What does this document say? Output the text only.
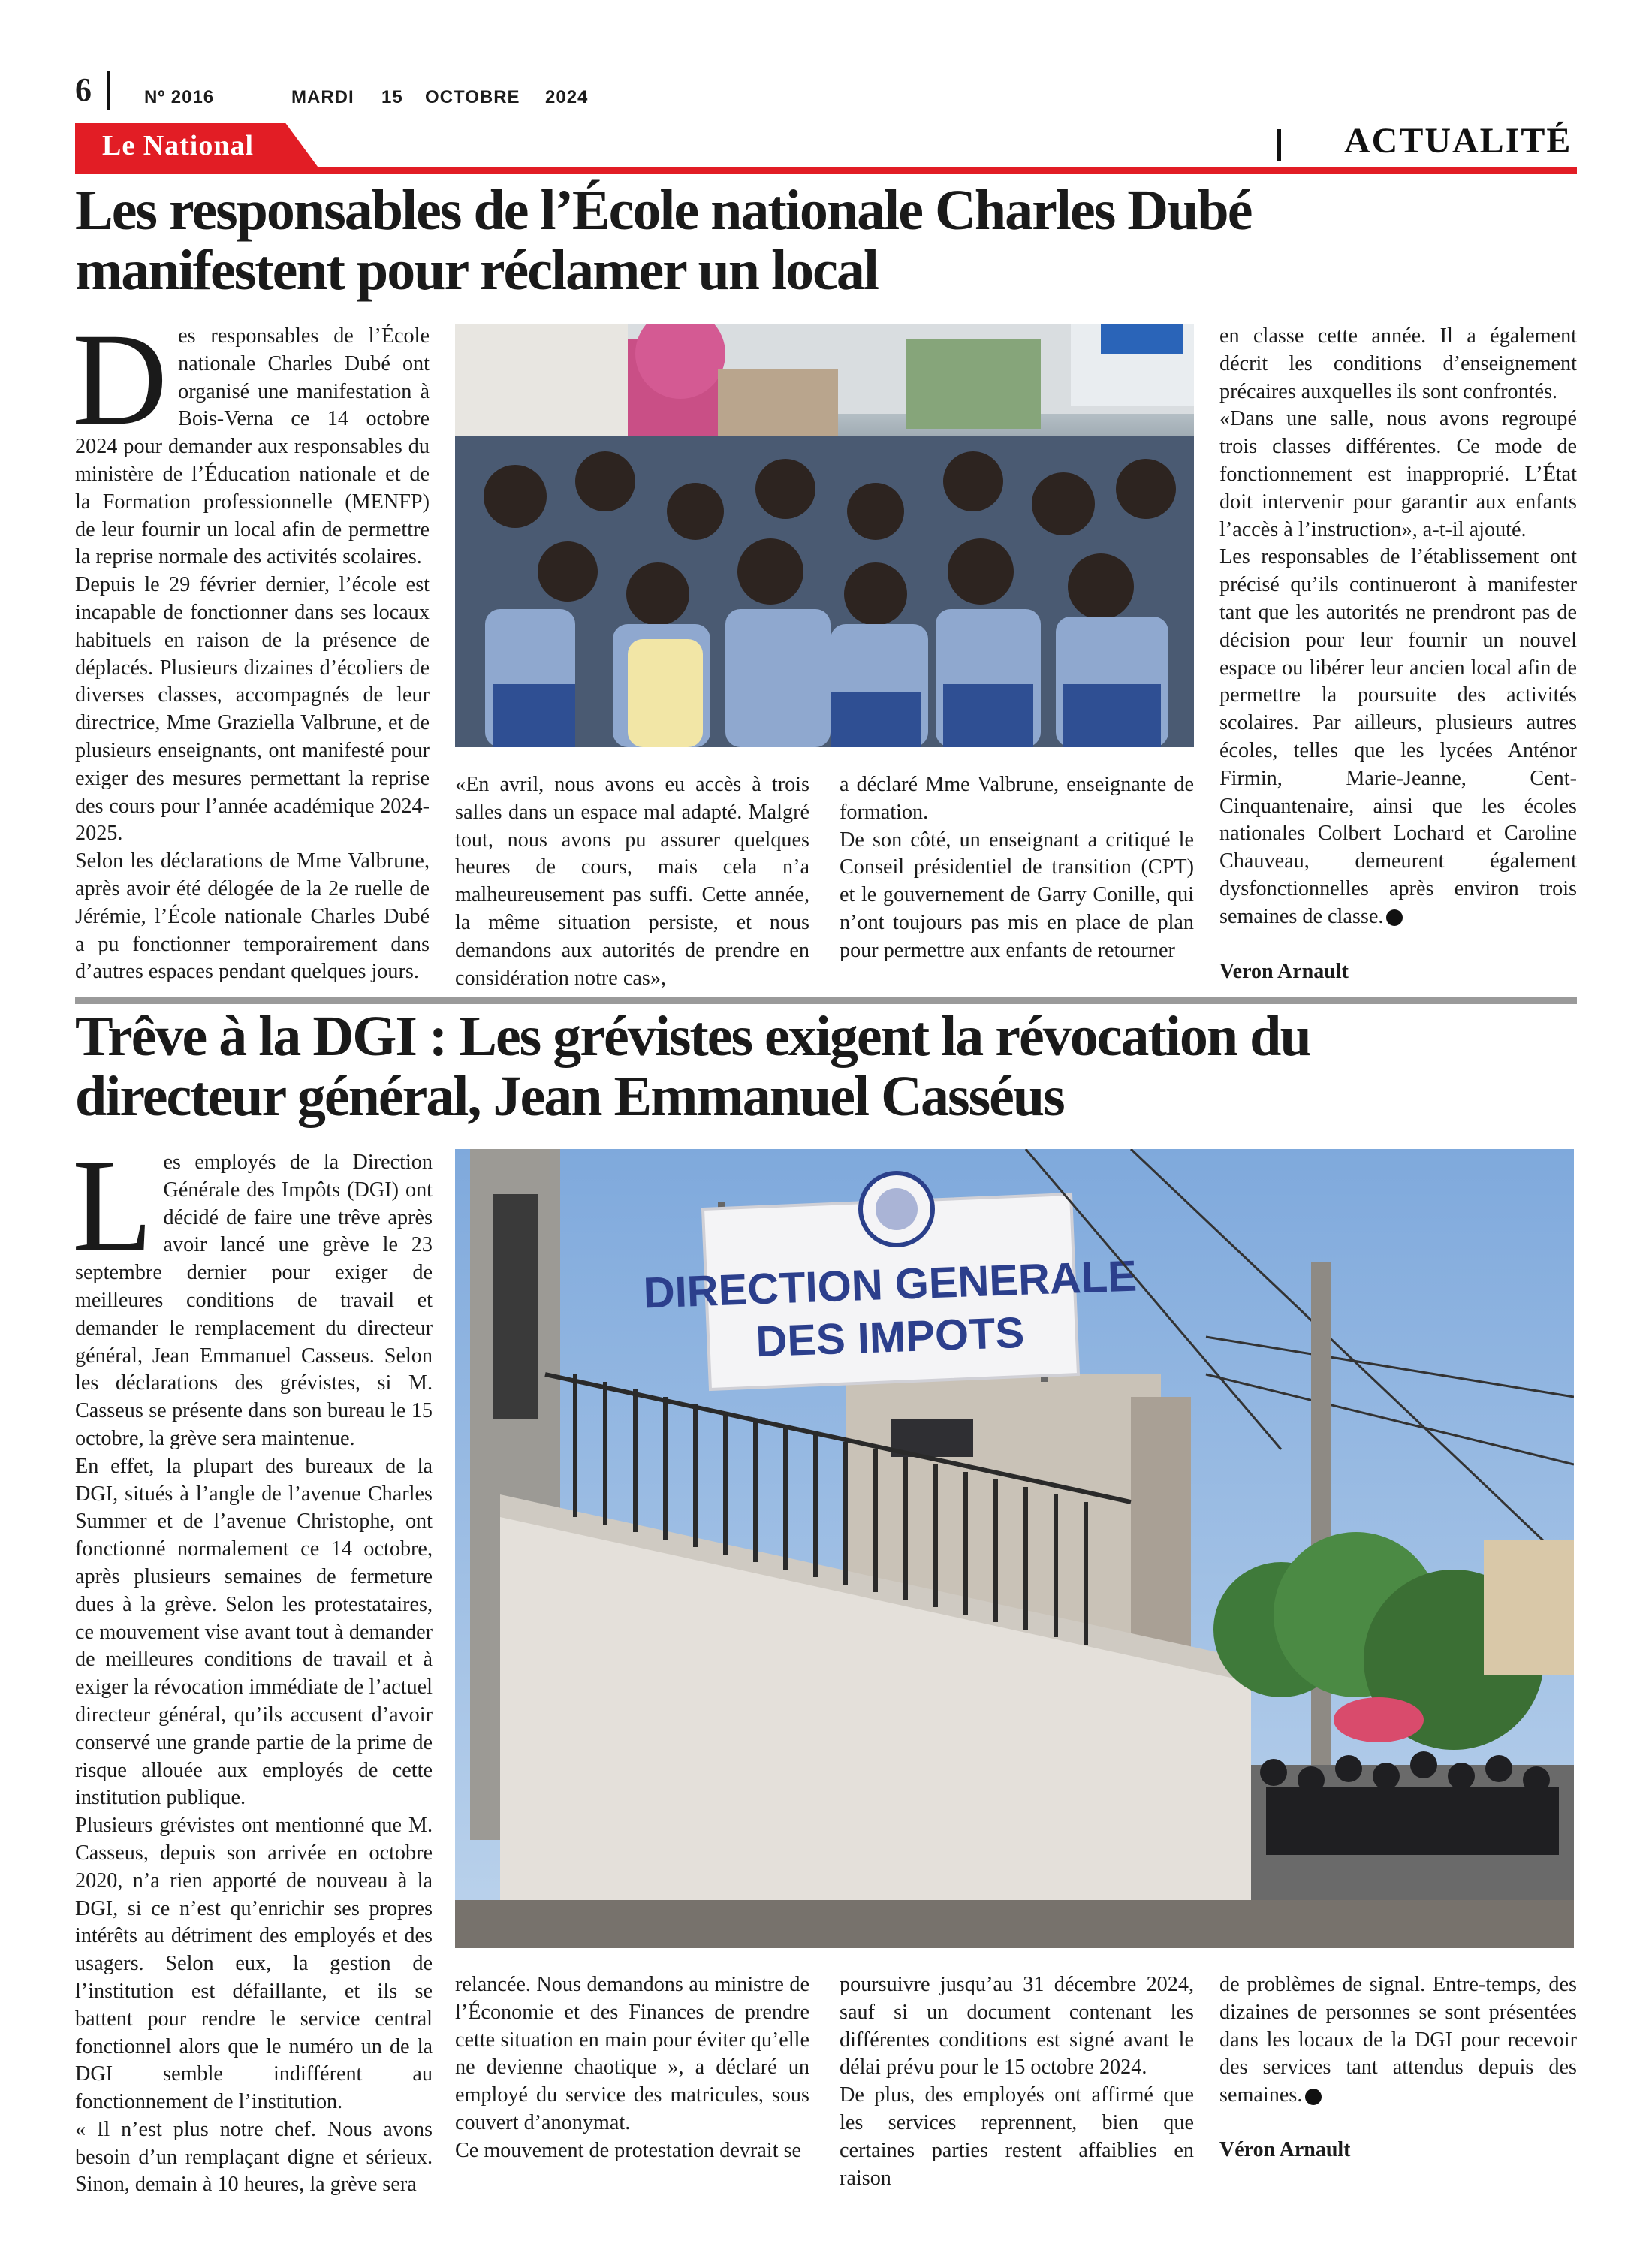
6	Nº 2016	MARDI 15 OCTOBRE 2024
Le National	ACTUALITÉ
Les responsables de l’École nationale Charles Dubé manifestent pour réclamer un local
D es responsables de l’École nationale Charles Dubé ont organisé une manifestation à Bois-Verna ce 14 octobre 2024 pour demander aux responsables du ministère de l’Éducation nationale et de la Formation professionnelle (MENFP) de leur fournir un local afin de permettre la reprise normale des activités scolaires.

Depuis le 29 février dernier, l’école est incapable de fonctionner dans ses locaux habituels en raison de la présence de déplacés. Plusieurs dizaines d’écoliers de diverses classes, accompagnés de leur directrice, Mme Graziella Valbrune, et de plusieurs enseignants, ont manifesté pour exiger des mesures permettant la reprise des cours pour l’année académique 2024-2025.

Selon les déclarations de Mme Valbrune, après avoir été délogée de la 2e ruelle de Jérémie, l’École nationale Charles Dubé a pu fonctionner temporairement dans d’autres espaces pendant quelques jours.

«En avril, nous avons eu accès à trois salles dans un espace mal adapté. Malgré tout, nous avons pu assurer quelques heures de cours, mais cela n’a malheureusement pas suffi. Cette année, la même situation persiste, et nous demandons aux autorités de prendre en considération notre cas»,

a déclaré Mme Valbrune, enseignante de formation.

De son côté, un enseignant a critiqué le Conseil présidentiel de transition (CPT) et le gouvernement de Garry Conille, qui n’ont toujours pas mis en place de plan pour permettre aux enfants de retourner

en classe cette année. Il a également décrit les conditions d’enseignement précaires auxquelles ils sont confrontés.

«Dans une salle, nous avons regroupé trois classes différentes. Ce mode de fonctionnement est inapproprié. L’État doit intervenir pour garantir aux enfants l’accès à l’instruction», a-t-il ajouté.

Les responsables de l’établissement ont précisé qu’ils continueront à manifester tant que les autorités ne prendront pas de décision pour leur fournir un nouvel espace ou libérer leur ancien local afin de permettre la poursuite des activités scolaires. Par ailleurs, plusieurs autres écoles, telles que les lycées Anténor Firmin, Marie-Jeanne, Cent-Cinquantenaire, ainsi que les écoles nationales Colbert Lochard et Caroline Chauveau, demeurent également dysfonctionnelles après environ trois semaines de classe.

Veron Arnault

Trêve à la DGI : Les grévistes exigent la révocation du directeur général, Jean Emmanuel Casséus
L es employés de la Direction Générale des Impôts (DGI) ont décidé de faire une trêve après avoir lancé une grève le 23 septembre dernier pour exiger de meilleures conditions de travail et demander le remplacement du directeur général, Jean Emmanuel Casseus. Selon les déclarations des grévistes, si M. Casseus se présente dans son bureau le 15 octobre, la grève sera maintenue.

En effet, la plupart des bureaux de la DGI, situés à l’angle de l’avenue Charles Summer et de l’avenue Christophe, ont fonctionné normalement ce 14 octobre, après plusieurs semaines de fermeture dues à la grève. Selon les protestataires, ce mouvement vise avant tout à demander de meilleures conditions de travail et à exiger la révocation immédiate de l’actuel directeur général, qu’ils accusent d’avoir conservé une grande partie de la prime de risque allouée aux employés de cette institution publique.

Plusieurs grévistes ont mentionné que M. Casseus, depuis son arrivée en octobre 2020, n’a rien apporté de nouveau à la DGI, si ce n’est qu’enrichir ses propres intérêts au détriment des employés et des usagers. Selon eux, la gestion de l’institution est défaillante, et ils se battent pour rendre le service central fonctionnel alors que le numéro un de la DGI semble indifférent au fonctionnement de l’institution.

« Il n’est plus notre chef. Nous avons besoin d’un remplaçant digne et sérieux. Sinon, demain à 10 heures, la grève sera

DIRECTION GENERALE
DES IMPOTS

relancée. Nous demandons au ministre de l’Économie et des Finances de prendre cette situation en main pour éviter qu’elle ne devienne chaotique », a déclaré un employé du service des matricules, sous couvert d’anonymat.

Ce mouvement de protestation devrait se

poursuivre jusqu’au 31 décembre 2024, sauf si un document contenant les différentes conditions est signé avant le délai prévu pour le 15 octobre 2024.

De plus, des employés ont affirmé que les services reprennent, bien que certaines parties restent affaiblies en raison

de problèmes de signal. Entre-temps, des dizaines de personnes se sont présentées dans les locaux de la DGI pour recevoir des services tant attendus depuis des semaines.

Véron Arnault
